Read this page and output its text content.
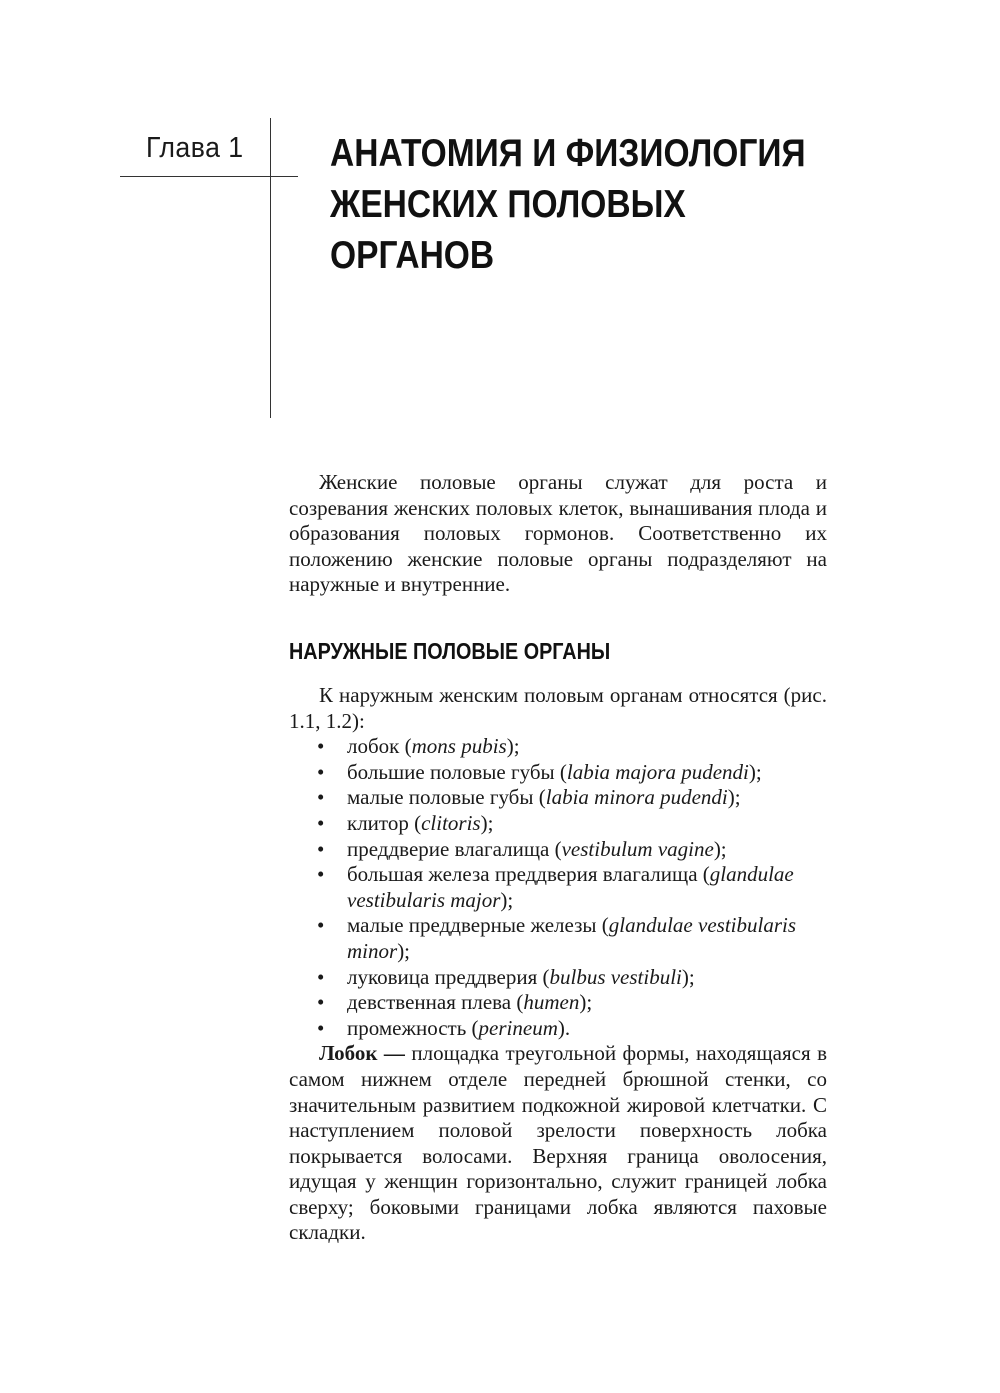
Глава 1 АНАТОМИЯ И ФИЗИОЛОГИЯ
ЖЕНСКИХ ПОЛОВЫХ
ОРГАНОВ

Женские половые органы служат для роста и созревания женских половых клеток, вынашивания плода и образования половых гормонов. Соответственно их положению женские половые органы подразделяют на наружные и внутренние.

НАРУЖНЫЕ ПОЛОВЫЕ ОРГАНЫ

К наружным женским половым органам относятся (рис. 1.1, 1.2):

• лобок (mons pubis);
• большие половые губы (labia majora pudendi);
• малые половые губы (labia minora pudendi);
• клитор (clitoris);
• преддверие влагалища (vestibulum vagine);
• большая железа преддверия влагалища (glandulae vestibularis major);
• малые преддверные железы (glandulae vestibularis minor);
• луковица преддверия (bulbus vestibuli);
• девственная плева (humen);
• промежность (perineum).

Лобок — площадка треугольной формы, находящаяся в самом нижнем отделе передней брюшной стенки, со значительным развитием подкожной жировой клетчатки. С наступлением половой зрелости поверхность лобка покрывается волосами. Верхняя граница оволосения, идущая у женщин горизонтально, служит границей лобка сверху; боковыми границами лобка являются паховые складки.
